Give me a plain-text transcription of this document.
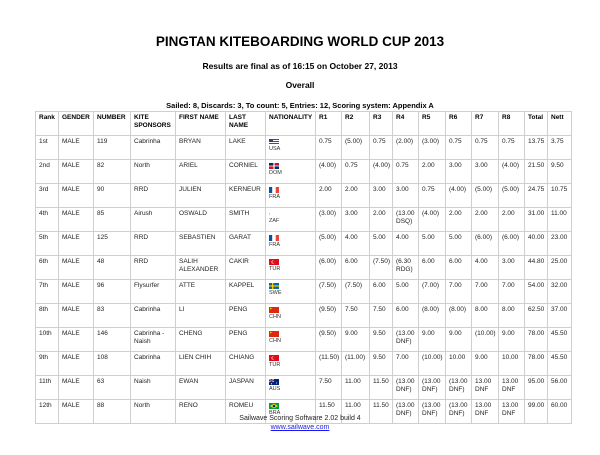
PINGTAN KITEBOARDING WORLD CUP 2013
Results are final as of 16:15 on October 27, 2013
Overall
Sailed: 8, Discards: 3, To count: 5, Entries: 12, Scoring system: Appendix A
Rank	GENDER	NUMBER	KITE SPONSORS	FIRST NAME	LAST NAME	NATIONALITY	R1	R2	R3	R4	R5	R6	R7	R8	Total	Nett
1st	MALE	119	Cabrinha	BRYAN	LAKE	USA	0.75	(5.00)	0.75	(2.00)	(3.00)	0.75	0.75	0.75	13.75	3.75
2nd	MALE	82	North	ARIEL	CORNIEL	DOM	(4.00)	0.75	(4.00)	0.75	2.00	3.00	3.00	(4.00)	21.50	9.50
3rd	MALE	90	RRD	JULIEN	KERNEUR	FRA	2.00	2.00	3.00	3.00	0.75	(4.00)	(5.00)	(5.00)	24.75	10.75
4th	MALE	85	Airush	OSWALD	SMITH	ZAF	(3.00)	3.00	2.00	(13.00 DSQ)	(4.00)	2.00	2.00	2.00	31.00	11.00
5th	MALE	125	RRD	SEBASTIEN	GARAT	FRA	(5.00)	4.00	5.00	4.00	5.00	5.00	(6.00)	(6.00)	40.00	23.00
6th	MALE	48	RRD	SALIH ALEXANDER	CAKIR	TUR	(6.00)	6.00	(7.50)	(6.30 RDG)	6.00	6.00	4.00	3.00	44.80	25.00
7th	MALE	96	Flysurfer	ATTE	KAPPEL	SWE	(7.50)	(7.50)	6.00	5.00	(7.00)	7.00	7.00	7.00	54.00	32.00
8th	MALE	83	Cabrinha	LI	PENG	CHN	(9.50)	7.50	7.50	6.00	(8.00)	(8.00)	8.00	8.00	62.50	37.00
10th	MALE	146	Cabrinha - Naish	CHENG	PENG	CHN	(9.50)	9.00	9.50	(13.00 DNF)	9.00	9.00	(10.00)	9.00	78.00	45.50
9th	MALE	108	Cabrinha	LIEN CHIH	CHIANG	TUR	(11.50)	(11.00)	9.50	7.00	(10.00)	10.00	9.00	10.00	78.00	45.50
11th	MALE	63	Naish	EWAN	JASPAN	AUS	7.50	11.00	11.50	(13.00 DNF)	(13.00 DNF)	(13.00 DNF)	13.00 DNF	13.00 DNF	95.00	56.00
12th	MALE	88	North	RENO	ROMEU	BRA	11.50	11.00	11.50	(13.00 DNF)	(13.00 DNF)	(13.00 DNF)	13.00 DNF	13.00 DNF	99.00	60.00
Sailwave Scoring Software 2.02 build 4
www.sailwave.com
